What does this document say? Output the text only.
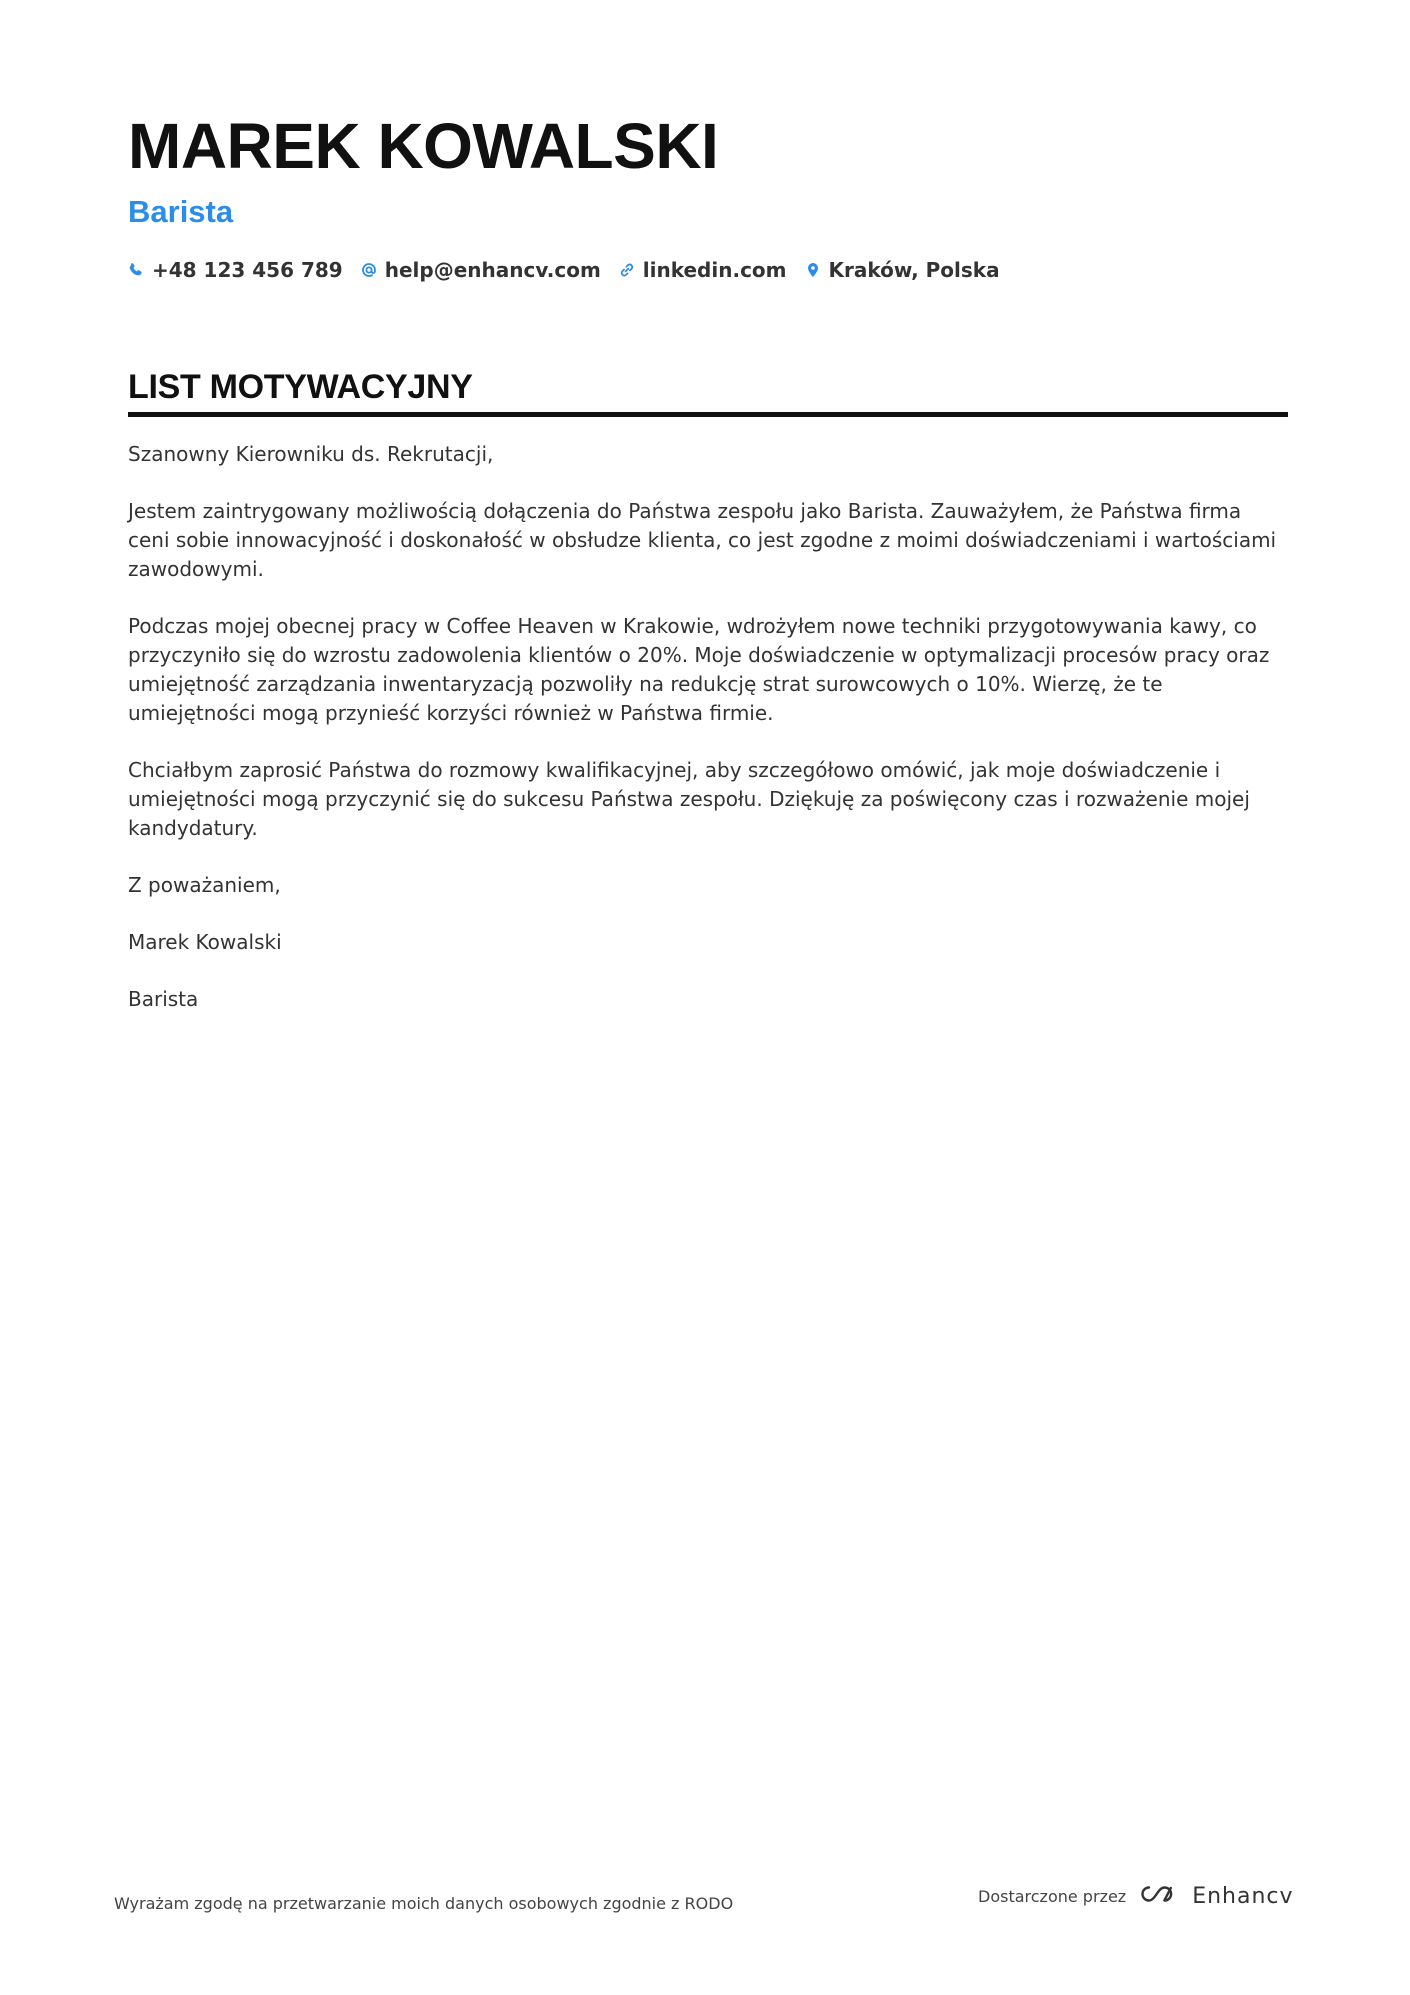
MAREK KOWALSKI
Barista
+48 123 456 789 help@enhancv.com linkedin.com Kraków, Polska
LIST MOTYWACYJNY

Szanowny Kierowniku ds. Rekrutacji,

Jestem zaintrygowany możliwością dołączenia do Państwa zespołu jako Barista. Zauważyłem, że Państwa firma ceni sobie innowacyjność i doskonałość w obsłudze klienta, co jest zgodne z moimi doświadczeniami i wartościami zawodowymi.

Podczas mojej obecnej pracy w Coffee Heaven w Krakowie, wdrożyłem nowe techniki przygotowywania kawy, co przyczyniło się do wzrostu zadowolenia klientów o 20%. Moje doświadczenie w optymalizacji procesów pracy oraz umiejętność zarządzania inwentaryzacją pozwoliły na redukcję strat surowcowych o 10%. Wierzę, że te umiejętności mogą przynieść korzyści również w Państwa firmie.

Chciałbym zaprosić Państwa do rozmowy kwalifikacyjnej, aby szczegółowo omówić, jak moje doświadczenie i umiejętności mogą przyczynić się do sukcesu Państwa zespołu. Dziękuję za poświęcony czas i rozważenie mojej kandydatury.

Z poważaniem,

Marek Kowalski

Barista

Wyrażam zgodę na przetwarzanie moich danych osobowych zgodnie z RODO	Dostarczone przez	Enhancv
